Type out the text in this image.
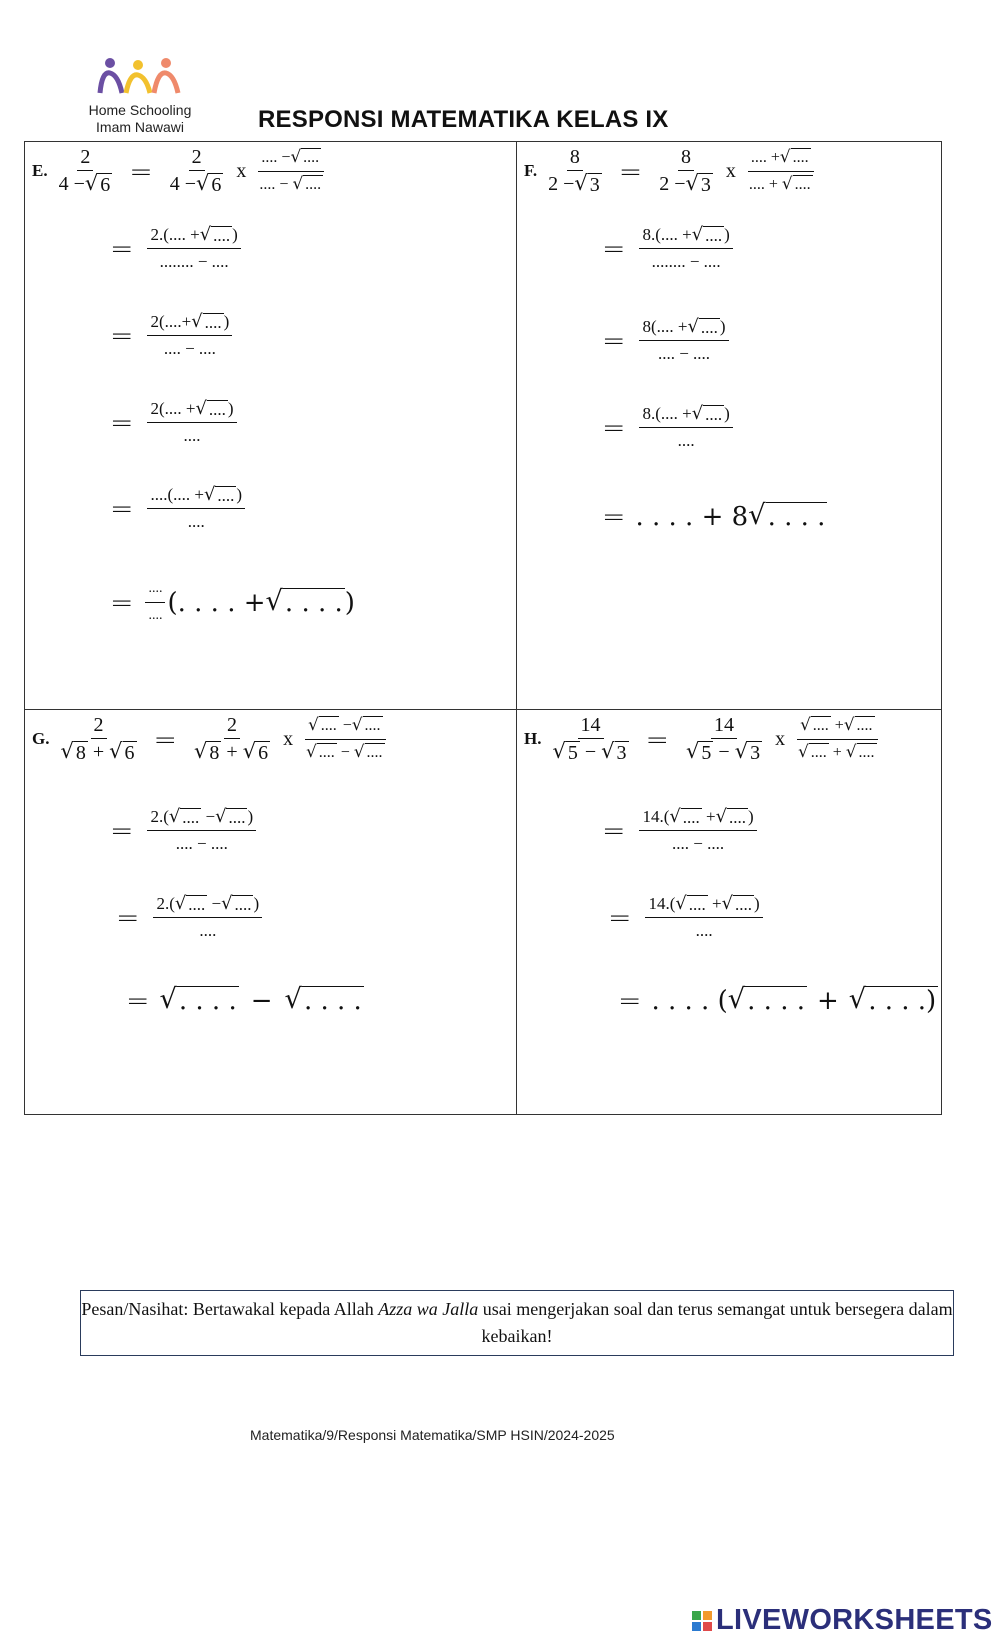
Home Schooling
Imam Nawawi	RESPONSI MATEMATIKA KELAS IX
E. $\frac{2}{4 - √ 6} = \frac{2}{4 - √ 6}$ x $\frac{.... - √ ....}{.... - √ ....}$
= $\frac{2.(.... + √ .... )}{........ - ....}$
= $\frac{2(....+ √ .... )}{.... - ....}$
= $\frac{2(.... + √ .... )}{....}$
= $\frac{....(.... + √ .... )}{....}$
= $\frac{....}{....}$ (. . . . + √ . . . . )
F. $\frac{8}{2 - √ 3} = \frac{8}{2 - √ 3}$ x $\frac{.... + √ ....}{.... + √ ....}$
= $\frac{8.(.... + √ .... )}{........ - ....}$
= $\frac{8(.... + √ .... )}{.... - ....}$
= $\frac{8.(.... + √ .... )}{....}$
= . . . . + 8 √ . . . .
G. $\frac{2}{√ 8 + √ 6} = \frac{2}{√ 8 + √ 6}$ x $\frac{√ .... - √ ....}{√ .... - √ ....}$
= $\frac{2.( √ .... - √ .... )}{.... - ....}$
= $\frac{2.( √ .... - √ .... )}{....}$
= √ . . . . − √ . . . .
H. $\frac{14}{√ 5 - √ 3} = \frac{14}{√ 5 - √ 3}$ x $\frac{√ .... + √ ....}{√ .... + √ ....}$
= $\frac{14.( √ .... + √ .... )}{.... - ....}$
= $\frac{14.( √ .... + √ .... )}{....}$
= . . . . ( √ . . . . + √ . . . .)
Pesan/Nasihat: Bertawakal kepada Allah Azza wa Jalla usai mengerjakan soal dan terus semangat untuk bersegera dalam kebaikan!
Matematika/9/Responsi Matematika/SMP HSIN/2024-2025
LIVEWORKSHEETS
